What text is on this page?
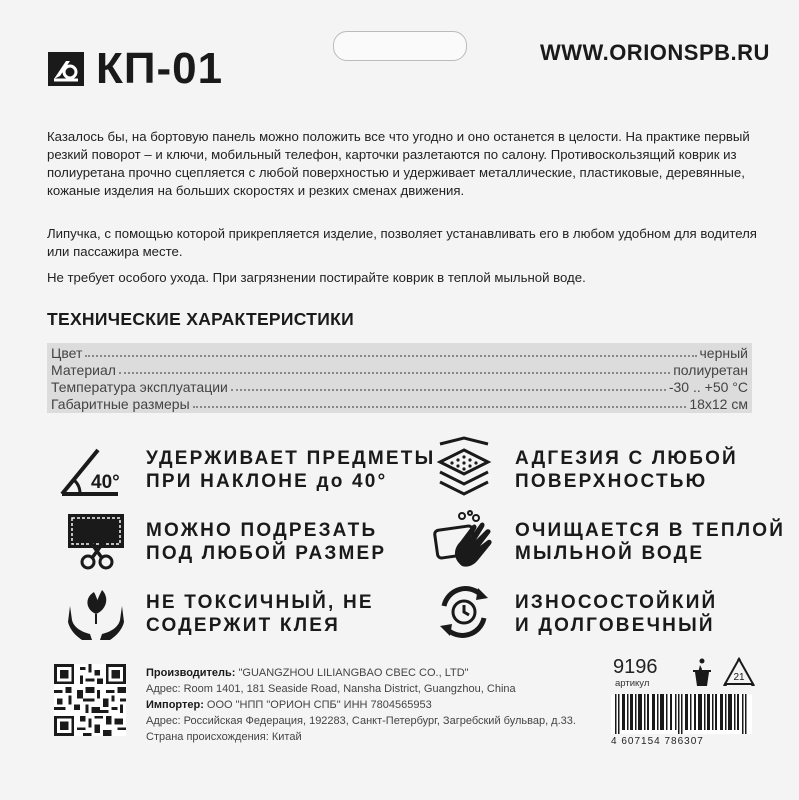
КП-01	WWW.ORIONSPB.RU
Казалось бы, на бортовую панель можно положить все что угодно и оно останется в целости. На практике первый резкий поворот – и ключи, мобильный телефон, карточки разлетаются по салону. Противоскользящий коврик из полиуретана прочно сцепляется с любой поверхностью и удерживает металлические, пластиковые, деревянные, кожаные изделия на больших скоростях и резких сменах движения.
Липучка, с помощью которой прикрепляется изделие, позволяет устанавливать его в любом удобном для водителя или пассажира месте.
Не требует особого ухода. При загрязнении постирайте коврик в теплой мыльной воде.
ТЕХНИЧЕСКИЕ ХАРАКТЕРИСТИКИ
Цвет	черный
Материал	полиуретан
Температура эксплуатации	-30 .. +50 °С
Габаритные размеры	18х12 см
40°
УДЕРЖИВАЕТ ПРЕДМЕТЫ
ПРИ НАКЛОНЕ до 40°
АДГЕЗИЯ С ЛЮБОЙ
ПОВЕРХНОСТЬЮ
МОЖНО ПОДРЕЗАТЬ
ПОД ЛЮБОЙ РАЗМЕР
ОЧИЩАЕТСЯ В ТЕПЛОЙ
МЫЛЬНОЙ ВОДЕ
НЕ ТОКСИЧНЫЙ, НЕ
СОДЕРЖИТ КЛЕЯ
ИЗНОСОСТОЙКИЙ
И ДОЛГОВЕЧНЫЙ
Производитель: "GUANGZHOU LILIANGBAO CBEC CO., LTD"
Адрес: Room 1401, 181 Seaside Road, Nansha District, Guangzhou, China
Импортер: ООО "НПП "ОРИОН СПБ" ИНН 7804565953
Адрес: Российская Федерация, 192283, Санкт-Петербург, Загребский бульвар, д.33.
Страна происхождения: Китай
9196
артикул
21
4 607154 786307
